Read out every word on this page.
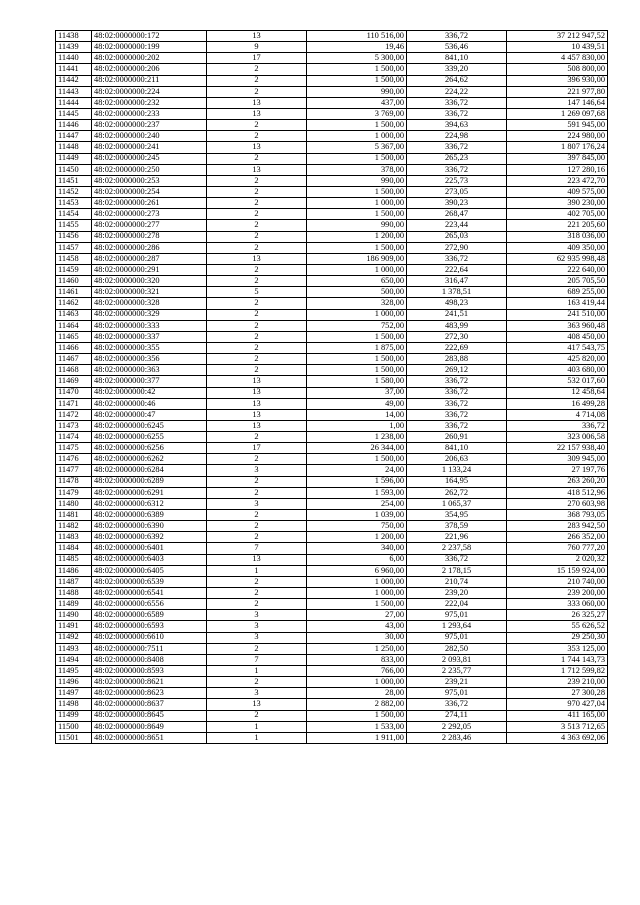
11438	48:02:0000000:172	13	110 516,00	336,72	37 212 947,52
11439	48:02:0000000:199	9	19,46	536,46	10 439,51
11440	48:02:0000000:202	17	5 300,00	841,10	4 457 830,00
11441	48:02:0000000:206	2	1 500,00	339,20	508 800,00
11442	48:02:0000000:211	2	1 500,00	264,62	396 930,00
11443	48:02:0000000:224	2	990,00	224,22	221 977,80
11444	48:02:0000000:232	13	437,00	336,72	147 146,64
11445	48:02:0000000:233	13	3 769,00	336,72	1 269 097,68
11446	48:02:0000000:237	2	1 500,00	394,63	591 945,00
11447	48:02:0000000:240	2	1 000,00	224,98	224 980,00
11448	48:02:0000000:241	13	5 367,00	336,72	1 807 176,24
11449	48:02:0000000:245	2	1 500,00	265,23	397 845,00
11450	48:02:0000000:250	13	378,00	336,72	127 280,16
11451	48:02:0000000:253	2	990,00	225,73	223 472,70
11452	48:02:0000000:254	2	1 500,00	273,05	409 575,00
11453	48:02:0000000:261	2	1 000,00	390,23	390 230,00
11454	48:02:0000000:273	2	1 500,00	268,47	402 705,00
11455	48:02:0000000:277	2	990,00	223,44	221 205,60
11456	48:02:0000000:278	2	1 200,00	265,03	318 036,00
11457	48:02:0000000:286	2	1 500,00	272,90	409 350,00
11458	48:02:0000000:287	13	186 909,00	336,72	62 935 998,48
11459	48:02:0000000:291	2	1 000,00	222,64	222 640,00
11460	48:02:0000000:320	2	650,00	316,47	205 705,50
11461	48:02:0000000:321	5	500,00	1 378,51	689 255,00
11462	48:02:0000000:328	2	328,00	498,23	163 419,44
11463	48:02:0000000:329	2	1 000,00	241,51	241 510,00
11464	48:02:0000000:333	2	752,00	483,99	363 960,48
11465	48:02:0000000:337	2	1 500,00	272,30	408 450,00
11466	48:02:0000000:355	2	1 875,00	222,69	417 543,75
11467	48:02:0000000:356	2	1 500,00	283,88	425 820,00
11468	48:02:0000000:363	2	1 500,00	269,12	403 680,00
11469	48:02:0000000:377	13	1 580,00	336,72	532 017,60
11470	48:02:0000000:42	13	37,00	336,72	12 458,64
11471	48:02:0000000:46	13	49,00	336,72	16 499,28
11472	48:02:0000000:47	13	14,00	336,72	4 714,08
11473	48:02:0000000:6245	13	1,00	336,72	336,72
11474	48:02:0000000:6255	2	1 238,00	260,91	323 006,58
11475	48:02:0000000:6256	17	26 344,00	841,10	22 157 938,40
11476	48:02:0000000:6262	2	1 500,00	206,63	309 945,00
11477	48:02:0000000:6284	3	24,00	1 133,24	27 197,76
11478	48:02:0000000:6289	2	1 596,00	164,95	263 260,20
11479	48:02:0000000:6291	2	1 593,00	262,72	418 512,96
11480	48:02:0000000:6312	3	254,00	1 065,37	270 603,98
11481	48:02:0000000:6389	2	1 039,00	354,95	368 793,05
11482	48:02:0000000:6390	2	750,00	378,59	283 942,50
11483	48:02:0000000:6392	2	1 200,00	221,96	266 352,00
11484	48:02:0000000:6401	7	340,00	2 237,58	760 777,20
11485	48:02:0000000:6403	13	6,00	336,72	2 020,32
11486	48:02:0000000:6405	1	6 960,00	2 178,15	15 159 924,00
11487	48:02:0000000:6539	2	1 000,00	210,74	210 740,00
11488	48:02:0000000:6541	2	1 000,00	239,20	239 200,00
11489	48:02:0000000:6556	2	1 500,00	222,04	333 060,00
11490	48:02:0000000:6589	3	27,00	975,01	26 325,27
11491	48:02:0000000:6593	3	43,00	1 293,64	55 626,52
11492	48:02:0000000:6610	3	30,00	975,01	29 250,30
11493	48:02:0000000:7511	2	1 250,00	282,50	353 125,00
11494	48:02:0000000:8408	7	833,00	2 093,81	1 744 143,73
11495	48:02:0000000:8593	1	766,00	2 235,77	1 712 599,82
11496	48:02:0000000:8621	2	1 000,00	239,21	239 210,00
11497	48:02:0000000:8623	3	28,00	975,01	27 300,28
11498	48:02:0000000:8637	13	2 882,00	336,72	970 427,04
11499	48:02:0000000:8645	2	1 500,00	274,11	411 165,00
11500	48:02:0000000:8649	1	1 533,00	2 292,05	3 513 712,65
11501	48:02:0000000:8651	1	1 911,00	2 283,46	4 363 692,06
